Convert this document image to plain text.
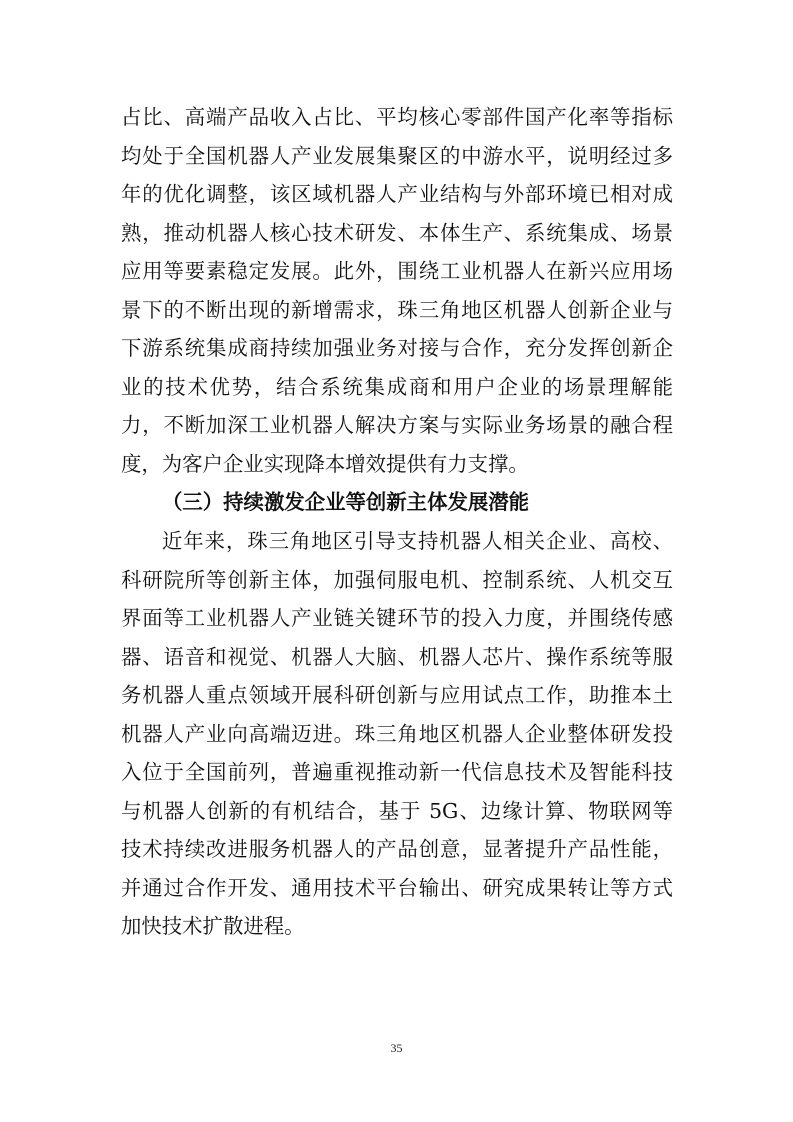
占比、高端产品收入占比、平均核心零部件国产化率等指标
均处于全国机器人产业发展集聚区的中游水平，说明经过多
年的优化调整，该区域机器人产业结构与外部环境已相对成
熟，推动机器人核心技术研发、本体生产、系统集成、场景
应用等要素稳定发展。此外，围绕工业机器人在新兴应用场
景下的不断出现的新增需求，珠三角地区机器人创新企业与
下游系统集成商持续加强业务对接与合作，充分发挥创新企
业的技术优势，结合系统集成商和用户企业的场景理解能
力，不断加深工业机器人解决方案与实际业务场景的融合程
度，为客户企业实现降本增效提供有力支撑。
（三）持续激发企业等创新主体发展潜能
近年来，珠三角地区引导支持机器人相关企业、高校、
科研院所等创新主体，加强伺服电机、控制系统、人机交互
界面等工业机器人产业链关键环节的投入力度，并围绕传感
器、语音和视觉、机器人大脑、机器人芯片、操作系统等服
务机器人重点领域开展科研创新与应用试点工作，助推本土
机器人产业向高端迈进。珠三角地区机器人企业整体研发投
入位于全国前列，普遍重视推动新一代信息技术及智能科技
与机器人创新的有机结合，基于 5G、边缘计算、物联网等
技术持续改进服务机器人的产品创意，显著提升产品性能，
并通过合作开发、通用技术平台输出、研究成果转让等方式
加快技术扩散进程。
35
